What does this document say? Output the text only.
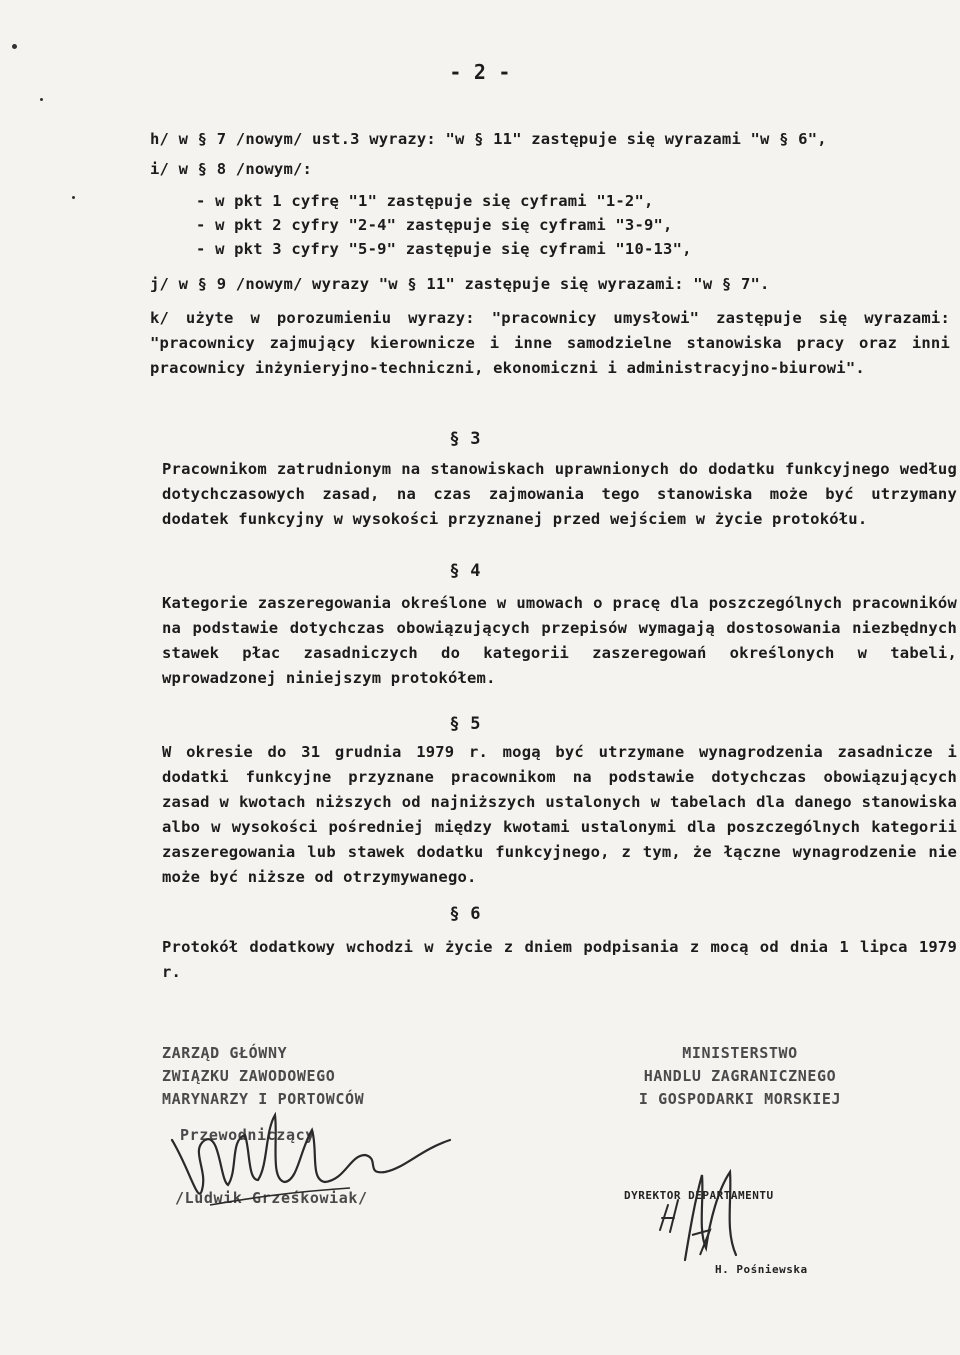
- 2 -
h/ w § 7 /nowym/ ust.3 wyrazy: "w § 11" zastępuje się wyrazami "w § 6",
i/ w § 8 /nowym/:
- w pkt 1 cyfrę "1" zastępuje się cyframi "1-2",
- w pkt 2 cyfry "2-4" zastępuje się cyframi "3-9",
- w pkt 3 cyfry "5-9" zastępuje się cyframi "10-13",
j/ w § 9 /nowym/ wyrazy "w § 11" zastępuje się wyrazami: "w § 7".
k/ użyte w porozumieniu wyrazy: "pracownicy umysłowi" zastępuje się wyrazami: "pracownicy zajmujący kierownicze i inne samodzielne stanowiska pracy oraz inni pracownicy inżynieryjno-techniczni, ekonomiczni i administracyjno-biurowi".
§ 3
Pracownikom zatrudnionym na stanowiskach uprawnionych do dodatku funkcyjnego według dotychczasowych zasad, na czas zajmowania tego stanowiska może być utrzymany dodatek funkcyjny w wysokości przyznanej przed wejściem w życie protokółu.
§ 4
Kategorie zaszeregowania określone w umowach o pracę dla poszczególnych pracowników na podstawie dotychczas obowiązujących przepisów wymagają dostosowania niezbędnych stawek płac zasadniczych do kategorii zaszeregowań określonych w tabeli, wprowadzonej niniejszym protokółem.
§ 5
W okresie do 31 grudnia 1979 r. mogą być utrzymane wynagrodzenia zasadnicze i dodatki funkcyjne przyznane pracownikom na podstawie dotychczas obowiązujących zasad w kwotach niższych od najniższych ustalonych w tabelach dla danego stanowiska albo w wysokości pośredniej między kwotami ustalonymi dla poszczególnych kategorii zaszeregowania lub stawek dodatku funkcyjnego, z tym, że łączne wynagrodzenie nie może być niższe od otrzymywanego.
§ 6
Protokół dodatkowy wchodzi w życie z dniem podpisania z mocą od dnia 1 lipca 1979 r.
ZARZĄD GŁÓWNY
ZWIĄZKU ZAWODOWEGO
MARYNARZY I PORTOWCÓW
Przewodniczący
/Ludwik Grześkowiak/
MINISTERSTWO
HANDLU ZAGRANICZNEGO
I GOSPODARKI MORSKIEJ
DYREKTOR DEPARTAMENTU
H. Pośniewska
